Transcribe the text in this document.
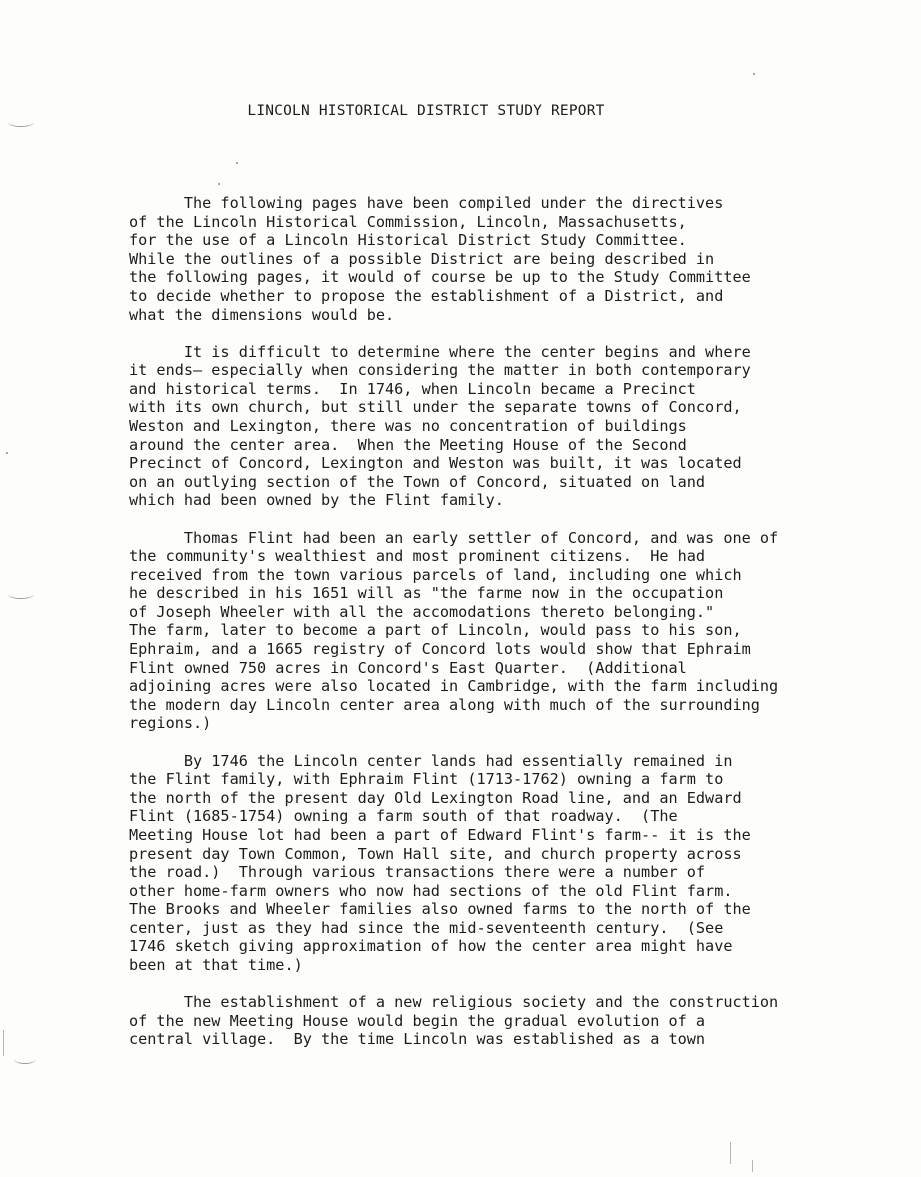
LINCOLN HISTORICAL DISTRICT STUDY REPORT
The following pages have been compiled under the directives
of the Lincoln Historical Commission, Lincoln, Massachusetts,
for the use of a Lincoln Historical District Study Committee.
While the outlines of a possible District are being described in
the following pages, it would of course be up to the Study Committee
to decide whether to propose the establishment of a District, and
what the dimensions would be.
It is difficult to determine where the center begins and where
it ends— especially when considering the matter in both contemporary
and historical terms.  In 1746, when Lincoln became a Precinct
with its own church, but still under the separate towns of Concord,
Weston and Lexington, there was no concentration of buildings
around the center area.  When the Meeting House of the Second
Precinct of Concord, Lexington and Weston was built, it was located
on an outlying section of the Town of Concord, situated on land
which had been owned by the Flint family.
Thomas Flint had been an early settler of Concord, and was one of
the community's wealthiest and most prominent citizens.  He had
received from the town various parcels of land, including one which
he described in his 1651 will as "the farme now in the occupation
of Joseph Wheeler with all the accomodations thereto belonging."
The farm, later to become a part of Lincoln, would pass to his son,
Ephraim, and a 1665 registry of Concord lots would show that Ephraim
Flint owned 750 acres in Concord's East Quarter.  (Additional
adjoining acres were also located in Cambridge, with the farm including
the modern day Lincoln center area along with much of the surrounding
regions.)
By 1746 the Lincoln center lands had essentially remained in
the Flint family, with Ephraim Flint (1713-1762) owning a farm to
the north of the present day Old Lexington Road line, and an Edward
Flint (1685-1754) owning a farm south of that roadway.  (The
Meeting House lot had been a part of Edward Flint's farm-- it is the
present day Town Common, Town Hall site, and church property across
the road.)  Through various transactions there were a number of
other home-farm owners who now had sections of the old Flint farm.
The Brooks and Wheeler families also owned farms to the north of the
center, just as they had since the mid-seventeenth century.  (See
1746 sketch giving approximation of how the center area might have
been at that time.)
The establishment of a new religious society and the construction
of the new Meeting House would begin the gradual evolution of a
central village.  By the time Lincoln was established as a town
